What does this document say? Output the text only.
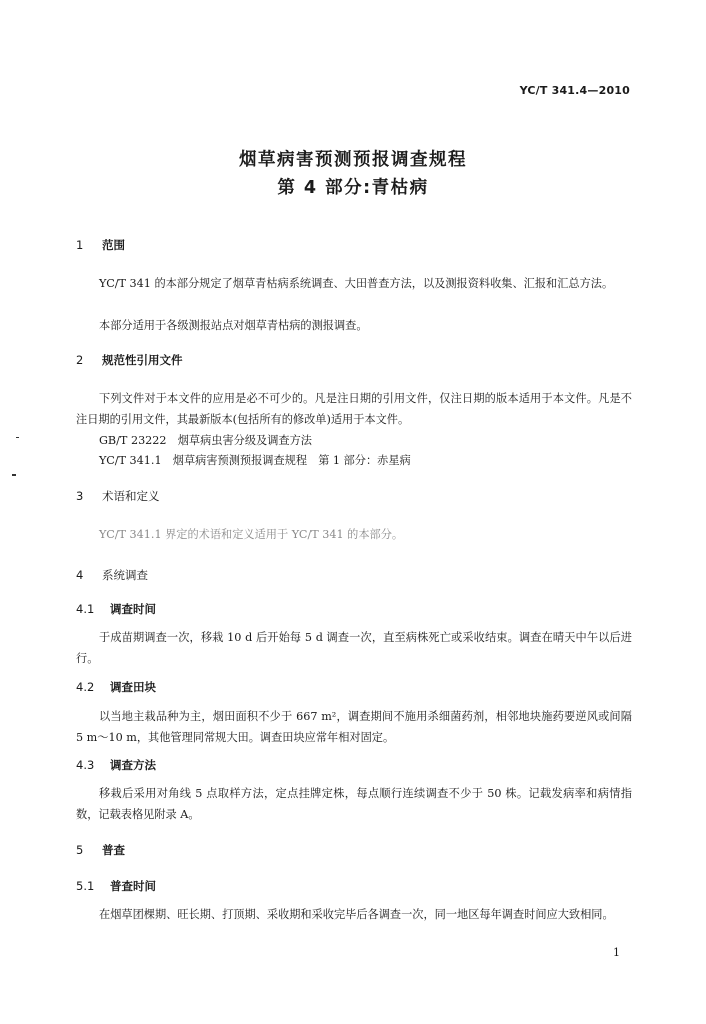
YC/T 341.4—2010
烟草病害预测预报调查规程
第 4 部分:青枯病
1 范围

YC/T 341 的本部分规定了烟草青枯病系统调查、大田普查方法，以及测报资料收集、汇报和汇总方法。

本部分适用于各级测报站点对烟草青枯病的测报调查。

2 规范性引用文件

下列文件对于本文件的应用是必不可少的。凡是注日期的引用文件，仅注日期的版本适用于本文件。凡是不注日期的引用文件，其最新版本(包括所有的修改单)适用于本文件。

GB/T 23222　烟草病虫害分级及调查方法

YC/T 341.1　烟草病害预测预报调查规程　第 1 部分：赤星病

3 术语和定义

YC/T 341.1 界定的术语和定义适用于 YC/T 341 的本部分。

4 系统调查
4.1 调查时间

于成苗期调查一次，移栽 10 d 后开始每 5 d 调查一次，直至病株死亡或采收结束。调查在晴天中午以后进行。

4.2 调查田块

以当地主栽品种为主，烟田面积不少于 667 m²，调查期间不施用杀细菌药剂，相邻地块施药要逆风或间隔 5 m～10 m，其他管理同常规大田。调查田块应常年相对固定。

4.3 调查方法

移栽后采用对角线 5 点取样方法，定点挂牌定株，每点顺行连续调查不少于 50 株。记载发病率和病情指数，记载表格见附录 A。

5 普查
5.1 普查时间

在烟草团棵期、旺长期、打顶期、采收期和采收完毕后各调查一次，同一地区每年调查时间应大致相同。

1
